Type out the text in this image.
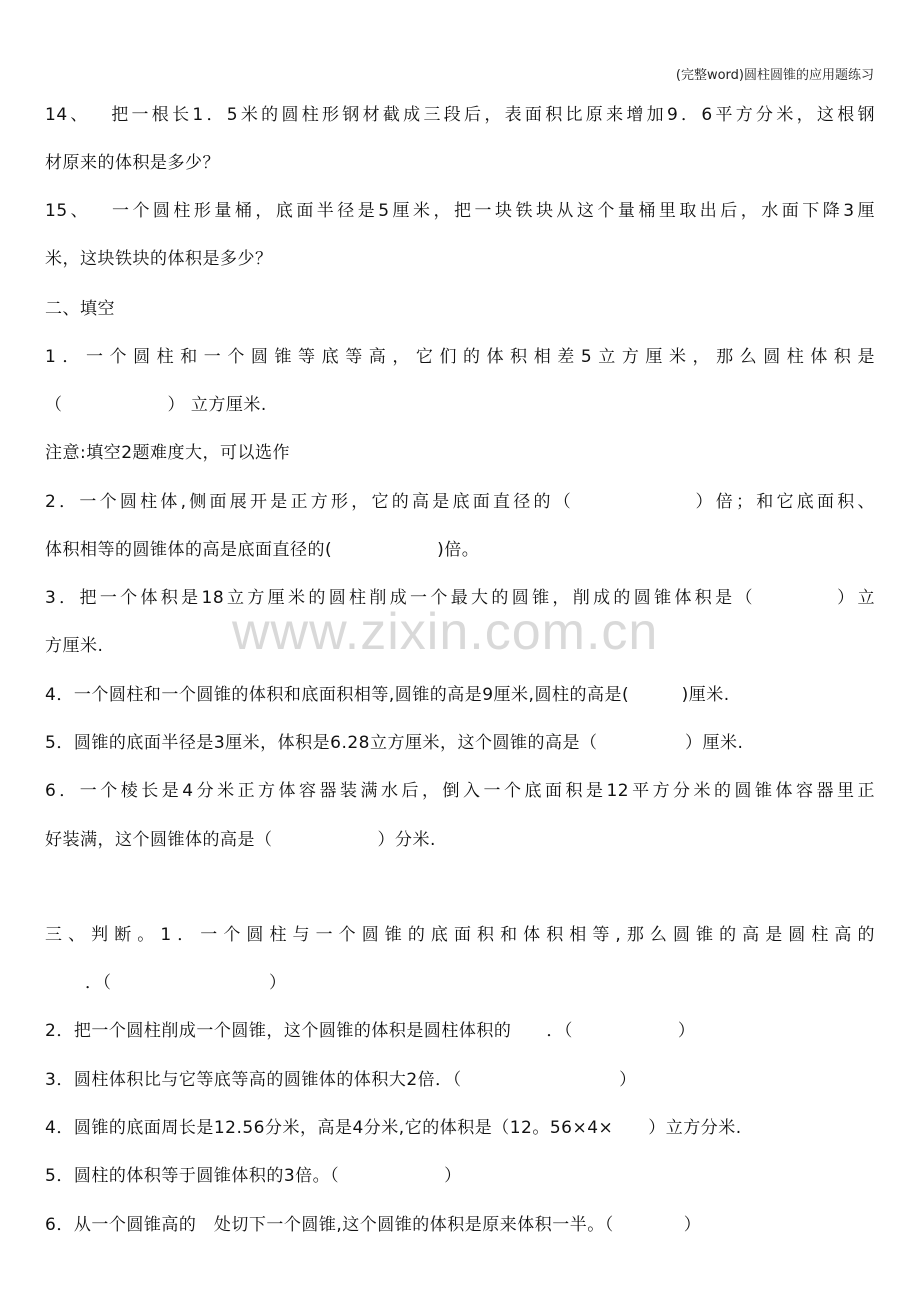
(完整word)圆柱圆锥的应用题练习
14、　 把一根长1．5米的圆柱形钢材截成三段后，表面积比原来增加9．6平方分米，这根钢
材原来的体积是多少？
15、　 一个圆柱形量桶，底面半径是5厘米，把一块铁块从这个量桶里取出后，水面下降3厘
米，这块铁块的体积是多少？
二、填空
1．一个圆柱和一个圆锥等底等高，它们的体积相差5立方厘米，那么圆柱体积是
（　　　　　　） 立方厘米.
注意:填空2题难度大，可以选作
2．一个圆柱体,侧面展开是正方形，它的高是底面直径的（　　　　　　）倍；和它底面积、
体积相等的圆锥体的高是底面直径的(　　　　　　)倍。
3．把一个体积是18立方厘米的圆柱削成一个最大的圆锥，削成的圆锥体积是（　　　　）立
方厘米.
4．一个圆柱和一个圆锥的体积和底面积相等,圆锥的高是9厘米,圆柱的高是(　　　)厘米.
5．圆锥的底面半径是3厘米，体积是6.28立方厘米，这个圆锥的高是（　　　　　）厘米.
6．一个棱长是4分米正方体容器装满水后，倒入一个底面积是12平方分米的圆锥体容器里正
好装满，这个圆锥体的高是（　　　　　　）分米.
三、判断。1．一个圆柱与一个圆锥的底面积和体积相等,那么圆锥的高是圆柱高的
．（　　　　　　　　　）
2．把一个圆柱削成一个圆锥，这个圆锥的体积是圆柱体积的　　．（　　　　　　）
3．圆柱体积比与它等底等高的圆锥体的体积大2倍．（　　　　　　　　　）
4．圆锥的底面周长是12.56分米，高是4分米,它的体积是（12。56×4×　　）立方分米.
5．圆柱的体积等于圆锥体积的3倍。（　　　　　　）
6．从一个圆锥高的　处切下一个圆锥,这个圆锥的体积是原来体积一半。（　　　　）
www.zixin.com.cn
